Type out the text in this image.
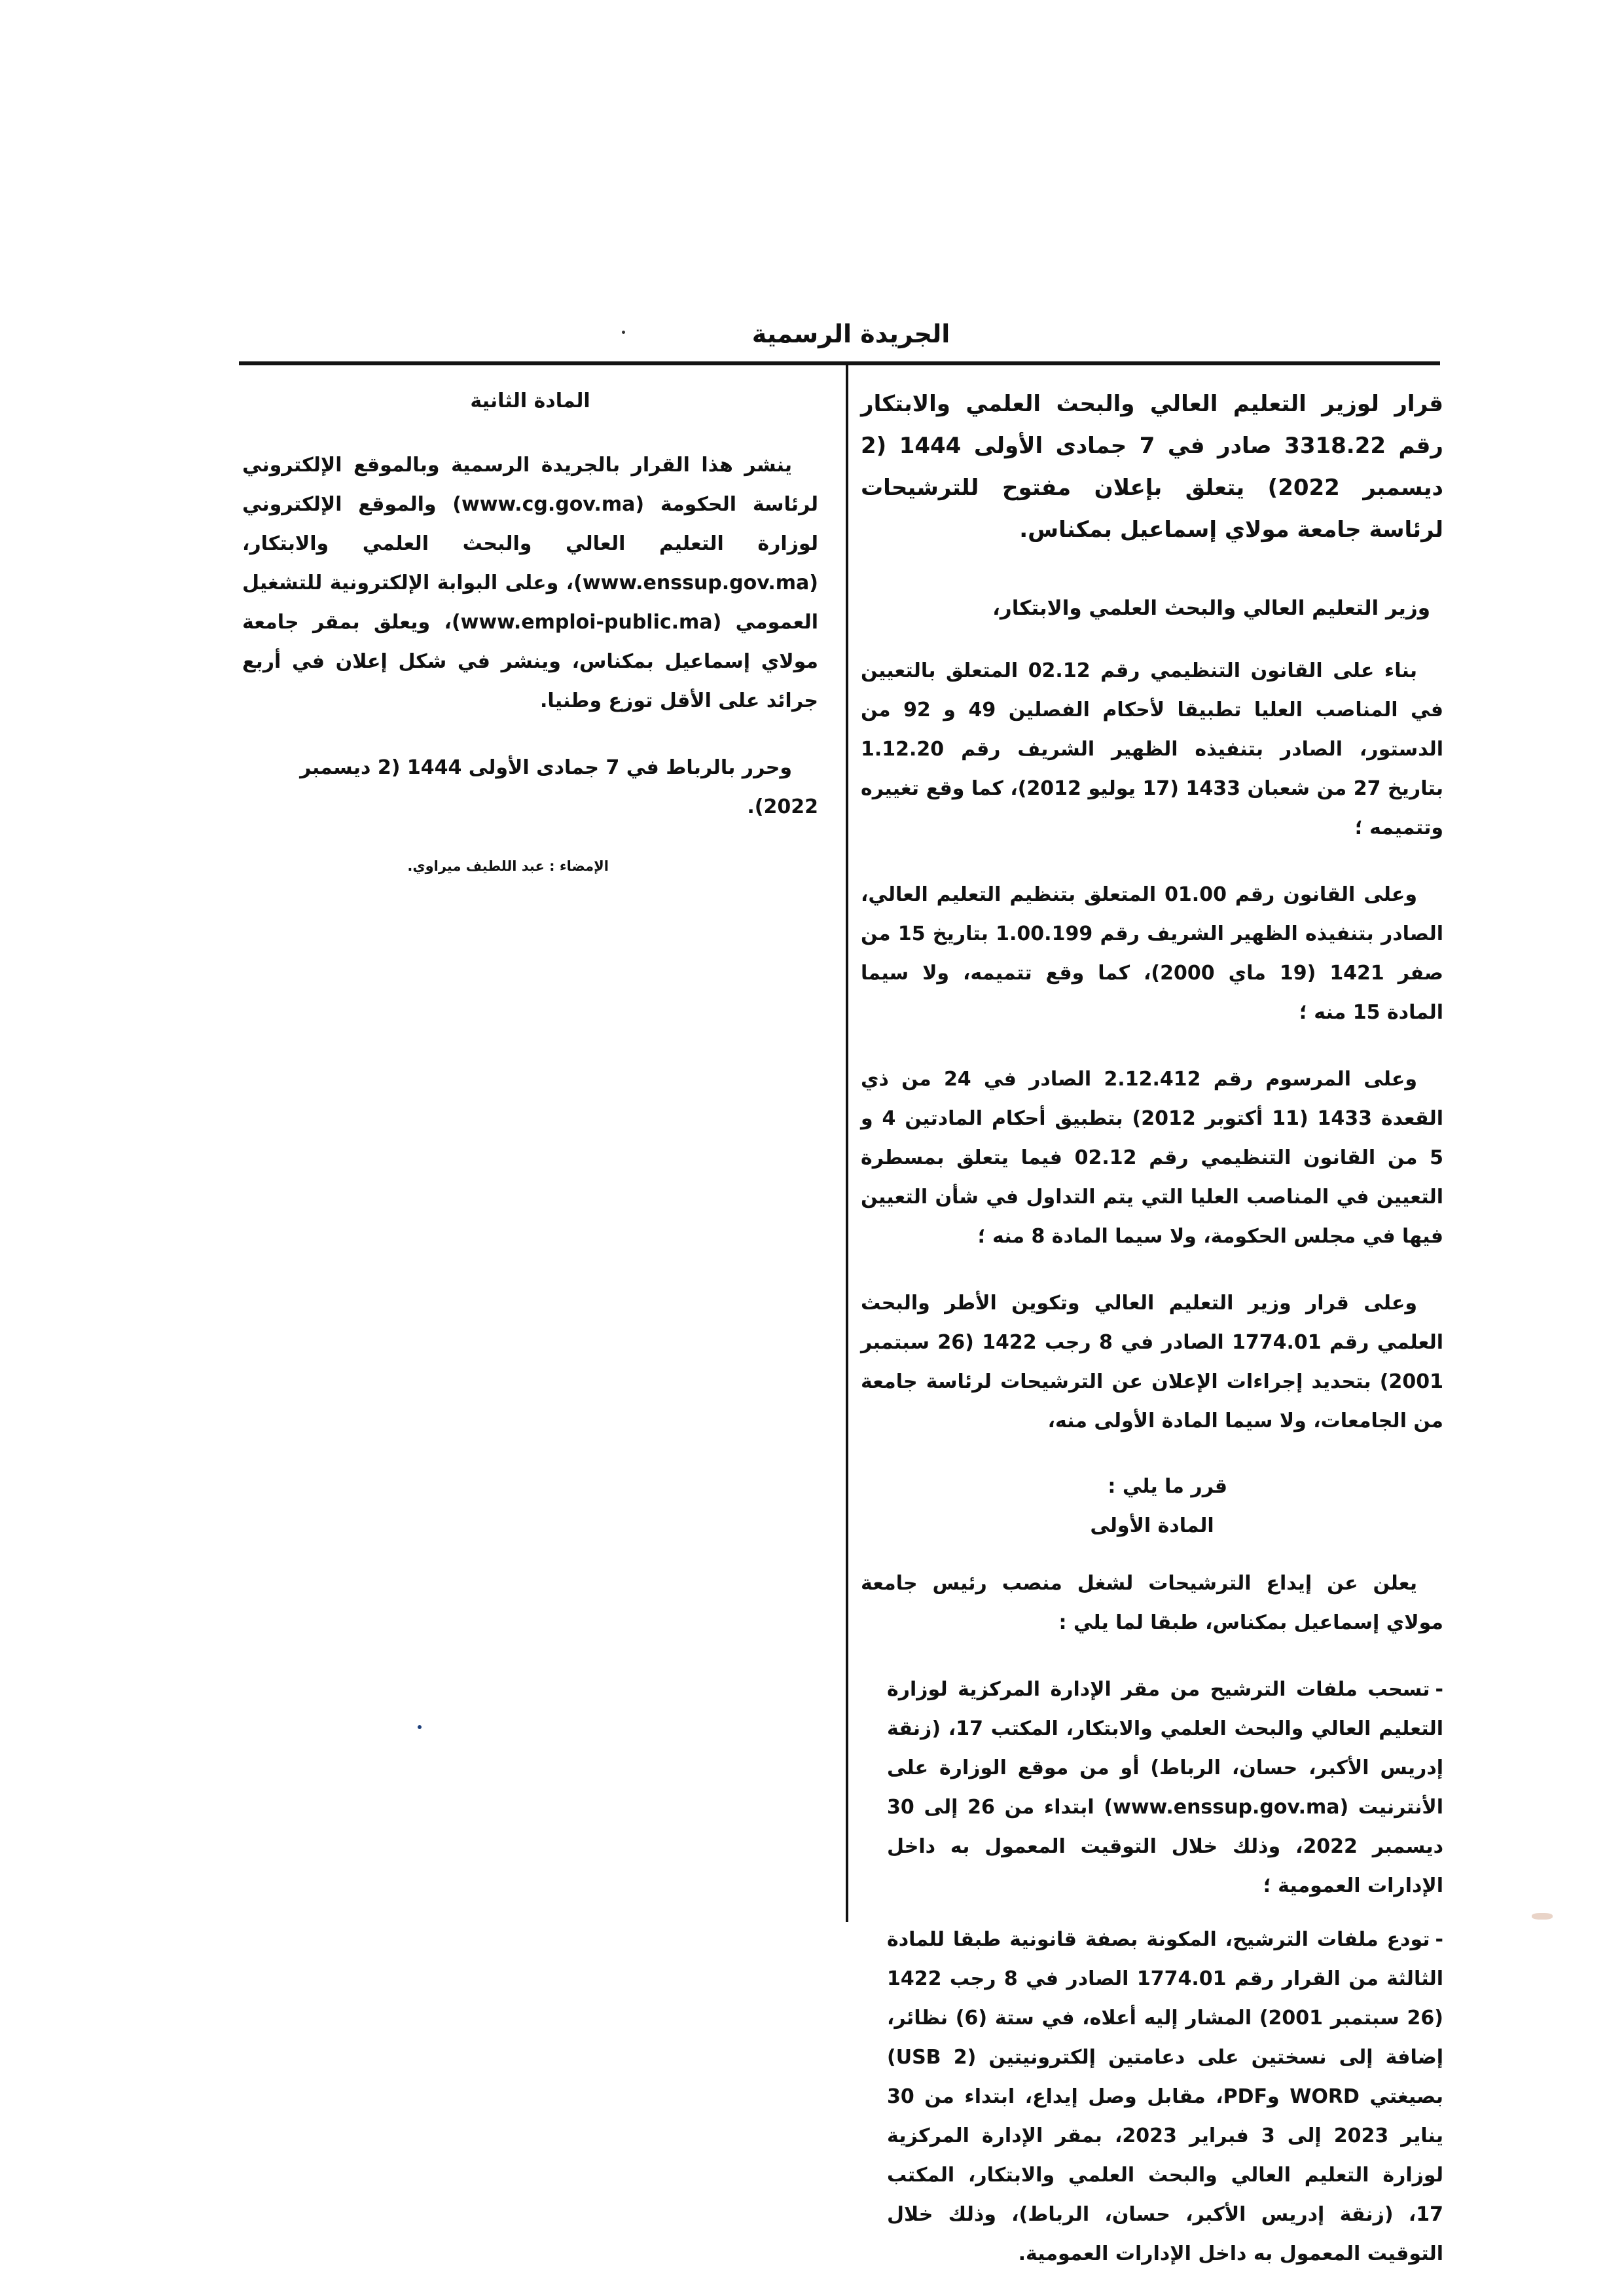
الجريدة الرسمية
قرار لوزير التعليم العالي والبحث العلمي والابتكار رقم 3318.22 صادر في 7 جمادى الأولى 1444 (2 ديسمبر 2022) يتعلق بإعلان مفتوح للترشيحات لرئاسة جامعة مولاي إسماعيل بمكناس.
وزير التعليم العالي والبحث العلمي والابتكار،

بناء على القانون التنظيمي رقم 02.12 المتعلق بالتعيين في المناصب العليا تطبيقا لأحكام الفصلين 49 و 92 من الدستور، الصادر بتنفيذه الظهير الشريف رقم 1.12.20 بتاريخ 27 من شعبان 1433 (17 يوليو 2012)، كما وقع تغييره وتتميمه ؛

وعلى القانون رقم 01.00 المتعلق بتنظيم التعليم العالي، الصادر بتنفيذه الظهير الشريف رقم 1.00.199 بتاريخ 15 من صفر 1421 (19 ماي 2000)، كما وقع تتميمه، ولا سيما المادة 15 منه ؛

وعلى المرسوم رقم 2.12.412 الصادر في 24 من ذي القعدة 1433 (11 أكتوبر 2012) بتطبيق أحكام المادتين 4 و 5 من القانون التنظيمي رقم 02.12 فيما يتعلق بمسطرة التعيين في المناصب العليا التي يتم التداول في شأن التعيين فيها في مجلس الحكومة، ولا سيما المادة 8 منه ؛

وعلى قرار وزير التعليم العالي وتكوين الأطر والبحث العلمي رقم 1774.01 الصادر في 8 رجب 1422 (26 سبتمبر 2001) بتحديد إجراءات الإعلان عن الترشيحات لرئاسة جامعة من الجامعات، ولا سيما المادة الأولى منه،

قرر ما يلي :
المادة الأولى

يعلن عن إيداع الترشيحات لشغل منصب رئيس جامعة مولاي إسماعيل بمكناس، طبقا لما يلي :

-تسحب ملفات الترشيح من مقر الإدارة المركزية لوزارة التعليم العالي والبحث العلمي والابتكار، المكتب 17، (زنقة إدريس الأكبر، حسان، الرباط) أو من موقع الوزارة على الأنترنيت (www.enssup.gov.ma) ابتداء من 26 إلى 30 ديسمبر 2022، وذلك خلال التوقيت المعمول به داخل الإدارات العمومية ؛
-تودع ملفات الترشيح، المكونة بصفة قانونية طبقا للمادة الثالثة من القرار رقم 1774.01 الصادر في 8 رجب 1422 (26 سبتمبر 2001) المشار إليه أعلاه، في ستة (6) نظائر، إضافة إلى نسختين على دعامتين إلكترونيتين (2 USB) بصيغتي WORD وPDF، مقابل وصل إيداع، ابتداء من 30 يناير 2023 إلى 3 فبراير 2023، بمقر الإدارة المركزية لوزارة التعليم العالي والبحث العلمي والابتكار، المكتب 17، (زنقة إدريس الأكبر، حسان، الرباط)، وذلك خلال التوقيت المعمول به داخل الإدارات العمومية.
المادة الثانية

ينشر هذا القرار بالجريدة الرسمية وبالموقع الإلكتروني لرئاسة الحكومة (www.cg.gov.ma) والموقع الإلكتروني لوزارة التعليم العالي والبحث العلمي والابتكار، (www.enssup.gov.ma)، وعلى البوابة الإلكترونية للتشغيل العمومي (www.emploi-public.ma)، ويعلق بمقر جامعة مولاي إسماعيل بمكناس، وينشر في شكل إعلان في أربع جرائد على الأقل توزع وطنيا.

وحرر بالرباط في 7 جمادى الأولى 1444 (2 ديسمبر 2022).
الإمضاء : عبد اللطيف ميراوي.
